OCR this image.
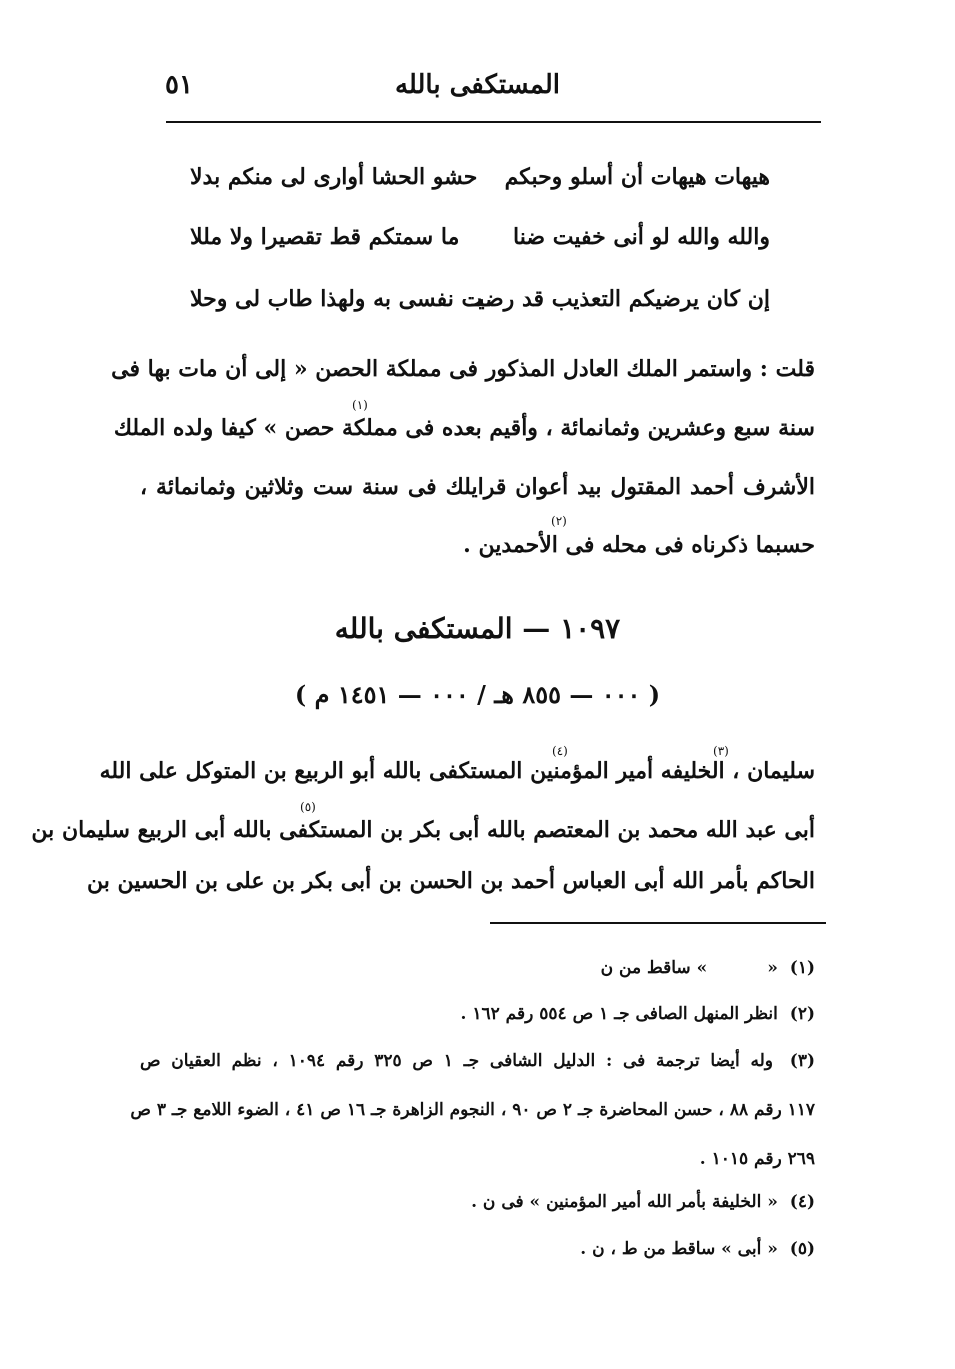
المستكفى بالله
٥١
هيهات هيهات أن أسلو وحبكم
حشو الحشا أوارى لى منكم بدلا
والله والله لو أنى خفيت ضنا
ما سمتكم قط تقصيرا ولا مللا
إن كان يرضيكم التعذيب قد رضيـ
ـت نفسى به ولهذا طاب لى وحلا
قلت : واستمر الملك العادل المذكور فى مملكة الحصن « إلى أن مات بها فى
سنة سبع وعشرين وثمانمائة ، وأقيم بعده فى مملكة حصن » كيفا ولده الملك
(١)
الأشرف أحمد المقتول بيد أعوان قرايلك فى سنة ست وثلاثين وثمانمائة ،
حسبما ذكرناه فى محله فى الأحمدين .
(٢)
١٠٩٧ — المستكفى بالله
( ٠٠٠ — ٨٥٥ هـ / ٠٠٠ — ١٤٥١ م )
سليمان ، الخليفه أمير المؤمنين المستكفى بالله أبو الربيع بن المتوكل على الله
(٣)
(٤)
أبى عبد الله محمد بن المعتصم بالله أبى بكر بن المستكفى بالله أبى الربيع سليمان بن
(٥)
الحاكم بأمر الله أبى العباس أحمد بن الحسن بن أبى بكر بن على بن الحسين بن
(١) «» ساقط من ن
(٢) انظر المنهل الصافى جـ ١ ص ٥٥٤ رقم ١٦٢ .
(٣) وله أيضا ترجمة فى : الدليل الشافى جـ ١ ص ٣٢٥ رقم ١٠٩٤ ، نظم العقيان ص
١١٧ رقم ٨٨ ، حسن المحاضرة جـ ٢ ص ٩٠ ، النجوم الزاهرة جـ ١٦ ص ٤١ ، الضوء اللامع جـ ٣ ص
٢٦٩ رقم ١٠١٥ .
(٤) « الخليفة بأمر الله أمير المؤمنين » فى ن .
(٥) « أبى » ساقط من ط ، ن .
